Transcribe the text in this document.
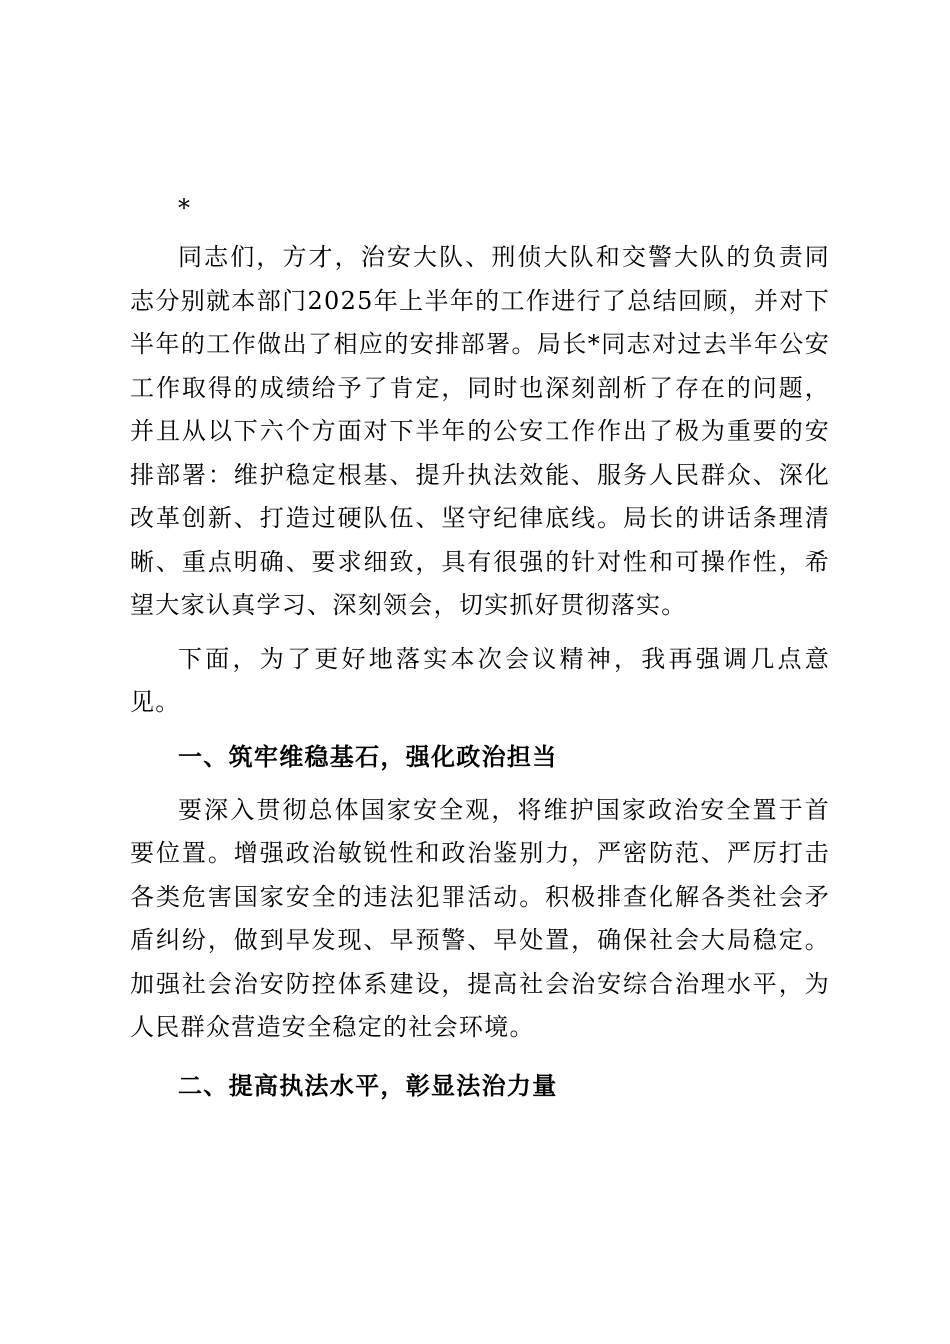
*

同志们，方才，治安大队、刑侦大队和交警大队的负责同志分别就本部门2025年上半年的工作进行了总结回顾，并对下半年的工作做出了相应的安排部署。局长*同志对过去半年公安工作取得的成绩给予了肯定，同时也深刻剖析了存在的问题，并且从以下六个方面对下半年的公安工作作出了极为重要的安排部署：维护稳定根基、提升执法效能、服务人民群众、深化改革创新、打造过硬队伍、坚守纪律底线。局长的讲话条理清晰、重点明确、要求细致，具有很强的针对性和可操作性，希望大家认真学习、深刻领会，切实抓好贯彻落实。

下面，为了更好地落实本次会议精神，我再强调几点意见。

一、筑牢维稳基石，强化政治担当

要深入贯彻总体国家安全观，将维护国家政治安全置于首要位置。增强政治敏锐性和政治鉴别力，严密防范、严厉打击各类危害国家安全的违法犯罪活动。积极排查化解各类社会矛盾纠纷，做到早发现、早预警、早处置，确保社会大局稳定。加强社会治安防控体系建设，提高社会治安综合治理水平，为人民群众营造安全稳定的社会环境。

二、提高执法水平，彰显法治力量
